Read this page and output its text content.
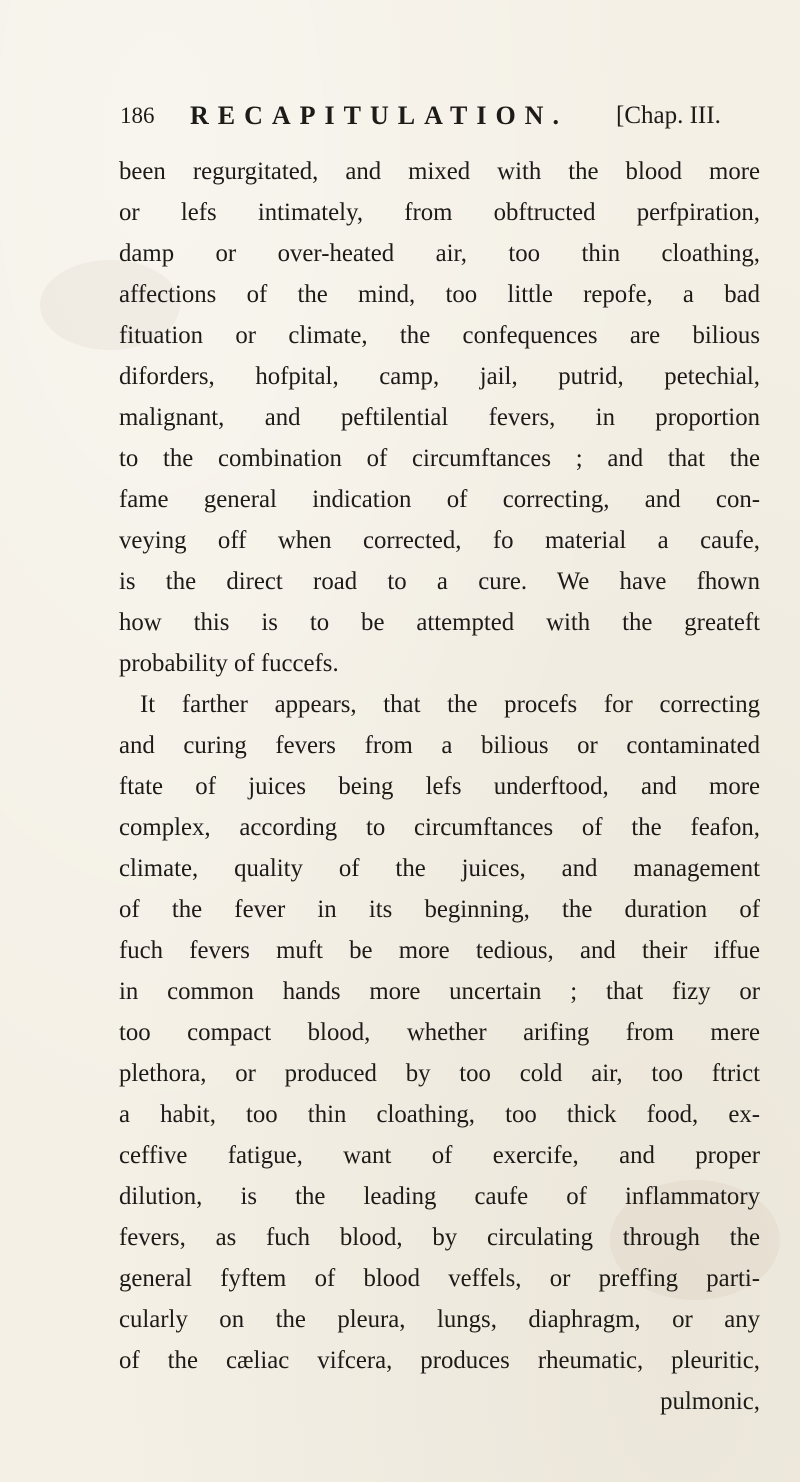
186 RECAPITULATION. [Chap. III.
been regurgitated, and mixed with the blood more
or lefs intimately, from obftructed perfpiration,
damp or over-heated air, too thin cloathing,
affections of the mind, too little repofe, a bad
fituation or climate, the confequences are bilious
diforders, hofpital, camp, jail, putrid, petechial,
malignant, and peftilential fevers, in proportion
to the combination of circumftances ; and that the
fame general indication of correcting, and con-
veying off when corrected, fo material a caufe,
is the direct road to a cure. We have fhown
how this is to be attempted with the greateft
probability of fuccefs.
It farther appears, that the procefs for correcting
and curing fevers from a bilious or contaminated
ftate of juices being lefs underftood, and more
complex, according to circumftances of the feafon,
climate, quality of the juices, and management
of the fever in its beginning, the duration of
fuch fevers muft be more tedious, and their iffue
in common hands more uncertain ; that fizy or
too compact blood, whether arifing from mere
plethora, or produced by too cold air, too ftrict
a habit, too thin cloathing, too thick food, ex-
ceffive fatigue, want of exercife, and proper
dilution, is the leading caufe of inflammatory
fevers, as fuch blood, by circulating through the
general fyftem of blood veffels, or preffing parti-
cularly on the pleura, lungs, diaphragm, or any
of the cæliac vifcera, produces rheumatic, pleuritic,
pulmonic,
